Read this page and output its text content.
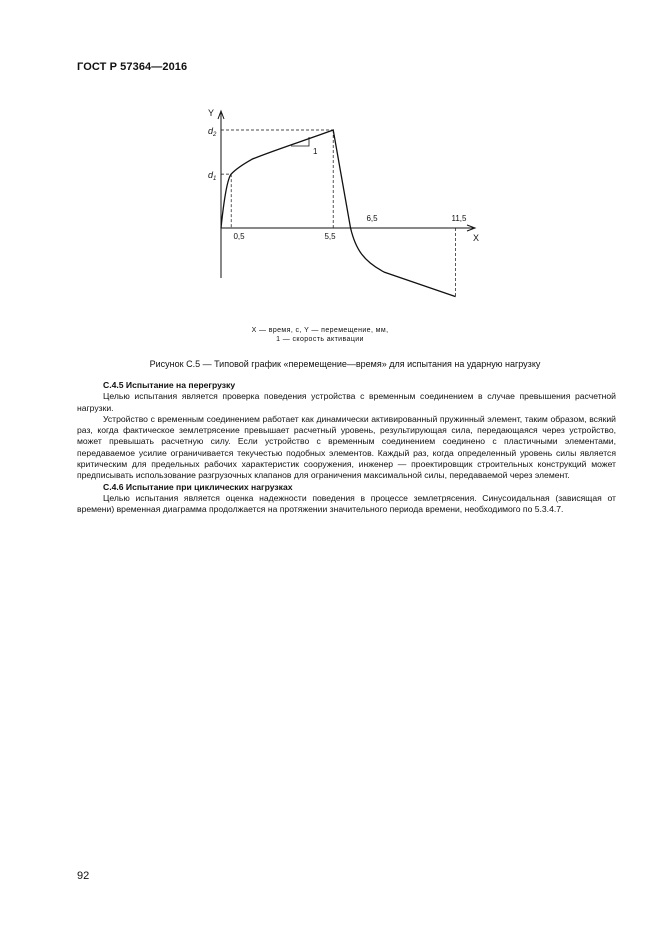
ГОСТ Р 57364—2016
Y
X
1
0,5	5,5
6,5	11,5
$d_2$
$d_1$
X — время, с, Y — перемещение, мм,
1 — скорость активации
Рисунок С.5 — Типовой график «перемещение—время» для испытания на ударную нагрузку
С.4.5 Испытание на перегрузку

Целью испытания является проверка поведения устройства с временным соединением в случае превышения расчетной нагрузки.

Устройство с временным соединением работает как динамически активированный пружинный элемент, таким образом, всякий раз, когда фактическое землетрясение превышает расчетный уровень, результирующая сила, передающаяся через устройство, может превышать расчетную силу. Если устройство с временным соединением соединено с пластичными элементами, передаваемое усилие ограничивается текучестью подобных элементов. Каждый раз, когда определенный уровень силы является критическим для предельных рабочих характеристик сооружения, инженер — проектировщик строительных конструкций может предписывать использование разгрузочных клапанов для ограничения максимальной силы, передаваемой через элемент.

С.4.6 Испытание при циклических нагрузках

Целью испытания является оценка надежности поведения в процессе землетрясения. Синусоидальная (зависящая от времени) временная диаграмма продолжается на протяжении значительного периода времени, необходимого по 5.3.4.7.

92
